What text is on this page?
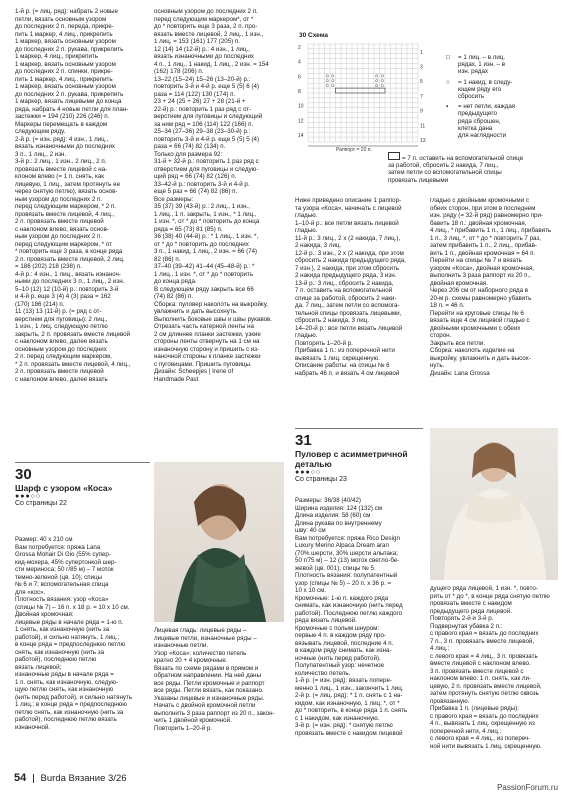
1-й р. (= лиц. ряд): набрать 2 новые

петли, вязать основным узором

до последних 2 п. переда, прикре-

пить 1 маркер, 4 лиц., прикрепить

1 маркер, вязать основным узором

до последних 2 п. рукава, прикрепить

1 маркер, 4 лиц., прикрепить

1 маркер, вязать основным узором

до последних 2 п. спинки, прикре-

пить 1 маркер, 4 лиц., прикрепить

1 маркер, вязать основным узором

до последних 2 п. рукава, прикрепить

1 маркер, вязать лицевыми до конца

ряда, набрать 4 новые петли для план-

застежки = 194 (210) 226 (246) п.

Маркеры перемещать в каждом

следующем ряду.

2-й р. (= изн. ряд): 4 изн., 1 лиц.,

вязать изнаночными до последних

3 п., 1 лиц., 2 изн.

3-й р.: 2 лиц., 1 изн., 2 лиц., 2 п.

провязать вместе лицевой с на-

клоном влево (= 1 п. снять, как

лицевую, 1 лиц., затем протянуть ее

через снятую петлю), вязать основ-

ным узором до последних 2 п.

перед следующим маркером, * 2 п.

провязать вместе лицевой, 4 лиц.,

2 п. провязать вместе лицевой

с наклоном влево, вязать основ-

ным узором до последних 2 п.

перед следующим маркером, * от

* повторить еще 3 раза, в конце ряда

2 п. провязать вместе лицевой, 2 лиц.

= 186 (202) 218 (238) п.

4-й р.: 4 изн., 1 лиц., вязать изнаноч-

ными до последних 3 п., 1 лиц., 2 изн.

5–10 (12) 12 (10-й) р.: повторить 3-й

и 4-й р. еще 3 (4) 4 (3) раза = 162

(170) 186 (214) п.

11 (13) 13 (11-й) р. (= ряд с от-

верстием для пуговицы): 2 лиц.,

1 изн., 1 лиц. следующую петлю

закрыть, 2 п. провязать вместе лицевой

с наклоном влево, далее вязать

основным узором до последних

2 п. перед следующим маркером,

* 2 п. провязать вместе лицевой, 4 лиц.,

2 п. провязать вместе лицевой

с наклоном влево, далее вязать

основным узором до последних 2 п.

перед следующим маркером*, от *

до * повторить еще 3 раза, 2 п. про-

вязать вместе лицевой, 2 лиц., 1 изн.,

1 лиц. = 153 (161) 177 (205) п.

12 (14) 14 (12-й) р.: 4 изн., 1 лиц.,

вязать изнаночными до последних

4 п., 1 лиц., 1 накид, 1 лиц., 2 изн. = 154

(162) 178 (206) п.

13–22 (15–24) 15–26 (13–20-й) р.:

повторить 3-й и 4-й р. еще 5 (5) 6 (4)

раза = 114 (122) 130 (174) п.

23 + 24 (25 + 26) 27 + 28 (21-й +

22-й) р.: повторить 1 раз ряд с от-

верстием для пуговицы и следующий

за ним ряд = 106 (114) 122 (166) п.

25–34 (27–36) 29–38 (23–30-й) р.:

повторить 3-й и 4-й р. еще 5 (5) 5 (4)

раза = 66 (74) 82 (134) п.

Только для размера 92:

31-й + 32-й р.: повторить 1 раз ряд с

отверстием для пуговицы и следую-

щий ряд = 66 (74) 82 (126) п.

33–42-й р.: повторить 3-й и 4-й р.

еще 5 раз = 66 (74) 82 (86) п.

Все размеры:

35 (37) 39 (43-й) р.: 2 лиц., 1 изн.,

1 лиц., 1 п. закрыть, 1 изн., * 1 лиц.,

1 изн. *, от * до * повторить до конца

ряда = 65 (73) 81 (85) п.

36 (38) 40 (44-й) р.: * 1 лиц., 1 изн. *,

от * до * повторить до последних

3 п., 1 накид, 1 лиц., 2 изн. = 66 (74)

82 (86) п.

37–40 (39–42) 41–44 (45–48-й) р.: *

1 лиц., 1 изн. *, от * до * повторить

до конца ряда.

В следующем ряду закрыть все 66

(74) 82 (86) п.

Сборка: пуловер наколоть на выкройку,

увлажнить и дать высохнуть.

Выполнить боковые швы и швы рукавов.

Отрезать часть катерной ленты на

2 см длиннее планки застежки, узкие

стороны ленты отвернуть на 1 см на

изнаночную сторону и пришить с из-

наночной стороны к планке застежки

с пуговицами. Пришить пуговицы.

Дизайн: Scheepjes | Irene of

Handmade Past

30 Схема
13
11
9
7
5
3
1
14
12
10
8
6
4
2
Раппорт = 20 п.
□	= 1 лиц. – в лиц.
рядах, 1 изн. – в
изн. рядах
○	= 1 накид, в следу-
ющем ряду его
сбросить
▪	= нет петли, каждая
предыдущего
ряда сброшен,
клетка дана
для наглядности
= 7 п. оставить на вспомогательной спице
за работой, сбросить 2 накида, 7 лиц.,
затем петли со вспомогательной спицы
провязать лицевыми

Ниже приведено описание 1 раппор-

та узора «Коса», начинать с лицевой

гладью.

1–10-й р.: все петли вязать лицевой

гладью.

11-й р.: 3 лиц., 2 х (2 накида, 7 лиц.),

2 накида, 3 лиц.

12-й р.: 3 изн., 2 х (2 накида, при этом

сбросить 2 накида предыдущего ряда,

7 изн.), 2 накида, при этом сбросить

2 накида предыдущего ряда, 3 изн.

13-й р.: 3 лиц., сбросить 2 накида,

7 п. оставить на вспомогательной

спице за работой, сбросить 2 наки-

да, 7 лиц., затем петли со вспомога-

тельной спицы провязать лицевыми,

сбросить 2 накида, 3 лиц.

14–20-й р.: все петли вязать лицевой

гладью.

Повторять 1–20-й р.

Прибавка 1 п.: из поперечной нити

вывязать 1 лиц. скрещенную.

Описание работы: на спицы № 6

набрать 46 п. и вязать 4 см лицевой

гладью с двойными кромочными с

обеих сторон, при этом в последнем

изн. ряду (= 32-й ряд) равномерно при-

бавить 18 п.: двойная кромочная,

4 лиц., * прибавить 1 п., 1 лиц., прибавить

1 п., 3 лиц. *, от * до * повторить 7 раз,

затем прибавить 1 п., 2 лиц., прибав-

вить 1 п., двойная кромочная = 64 п.

Перейти на спицы № 7 и вязать

узором «Коса», двойная кромочная,

выполнить 3 раза раппорт из 20 п.,

двойная кромочная.

Через 206 см от наборного ряда в

20-м р. схемы равномерно убавить

18 п. = 46 п.

Перейти на круговые спицы № 6

вязать еще 4 см лицевой гладью с

двойными кромочными с обеих

сторон.

Закрыть все петли.

Сборка: наколоть изделие на

выкройку, увлажнить и дать высох-

нуть.

Дизайн: Lana Grossa

30
Шарф с узором «Коса»
●●●○○
Со страницы 22

Размер: 40 х 210 см

Вам потребуется: пряжа Lana

Grossa Mohair Di Gio (55% супер-

кид-мохера, 45% супертонкой шер-

сти мериноса; 50 г/85 м) – 7 моток

темно-зеленой (цв. 10); спицы

№ 6 и 7; вспомогательная спица

для «кос».

Плотность вязания: узор «Коса»

(спицы № 7) – 16 п. х 18 р. = 10 х 10 см.

Двойная кромочная:

лицевые ряды в начале ряда = 1-ю п.

1 снять, как изнаночную (нить за

работой), и сильно натянуть, 1 лиц.;

в конце ряда = предпоследнюю петлю

снять, как изнаночную (нить за

работой), последнюю петлю

вязать лицевой;

изнаночные ряды в начале ряда =

1 п. снять, как изнаночную, следую-

щую петлю снять, как изнаночную

(нить перед работой), и сильно натянуть

1 лиц.; в конце ряда = предпоследнюю

петлю снять, как изнаночную (нить за

работой), последнюю петлю вязать

изнаночной.

Лицевая гладь: лицевые ряды –

лицевые петли, изнаночные ряды –

изнаночные петли.

Узор «Коса»: количество петель

кратно 20 + 4 кромочные.

Вязать по схеме рядами в прямом и

обратном направлении. На ней даны

все ряды. Петли кромочные и раппорт

все ряды. Петли вязать, как показано.

Указаны лицевые и изнаночные ряды.

Начать с двойной кромочной петли

выполнить 3 раза раппорт из 20 п., закон-

чить 1 двойной кромочной.

Повторить 1–20-й р.

31
Пуловер с асимметричной
деталью
●●●○○
Со страницы 23

Размеры: 36/38 (40/42)

Ширина изделия: 124 (132) см

Длина изделия: 58 (60) см

Длина рукава по внутреннему

шву: 40 см

Вам потребуется: пряжа Rico Design

Luxury Merino Alpaca Dream aran

(70% шерсти, 30% шерсти альпака;

50 г/75 м) – 12 (13) моток светло-бе-

жевой (цв. 001); спицы № 5.

Плотность вязания: полупатентный

узор (спицы № 5) – 20 п. х 36 р. =

10 х 10 см.

Кромочные: 1-ю п. каждого ряда

снимать, как изнаночную (нить перед

работой). Последнюю петлю каждого

ряда вязать лицевой.

Кромочные с полым шнуром:

первые 4 п. в каждом ряду про-

вязывать лицевой, последние 4 п.

в каждом ряду снимать, как изна-

ночные (нить перед работой).

Полупатентный узор: нечетное

количество петель.

1-й р. (= изн. ряд): вязать попере-

менно 1 лиц., 1 изн., закончить 1 лиц.

2-й р. (= лиц. ряд): * 1 п. снять с 1 на-

кидом, как изнаночную, 1 лиц. *, от *

до * повторить, в конце ряда 1 п. снять

с 1 накидом, как изнаночную.

3-й р. (= изн. ряд): * снятую петлю

провязать вместе с накидом лицевой

дущего ряда лицевой, 1 изн. *, повто-

рить от * до *, в конце ряда снятую петлю

провязать вместе с накидом

предыдущего ряда лицевой.

Повторять 2-й и 3-й р.

Подвернутая убавка 2 п.:

с правого края = вязать до последних

7 п., 3 п. провязать вместе лицевой,

4 лиц.;

с левого края = 4 лиц., 3 п. провязать

вместе лицевой с наклоном влево.

3 п. провязать вместе лицевой с

наклоном влево: 1 п. снять, как ли-

цевую, 2 п. провязать вместе лицевой,

затем протянуть снятую петлю сквозь

провязанную.

Прибавка 1 п. (лицевые ряды):

с правого края = вязать до последних

4 п., вывязать 1 лиц. скрещенную из

поперечной нити, 4 лиц.;

с левого края = 4 лиц., из попереч-

ной нити вывязать 1 лиц. скрещенную.

54 Burda Вязание 3/26
PassionForum.ru
